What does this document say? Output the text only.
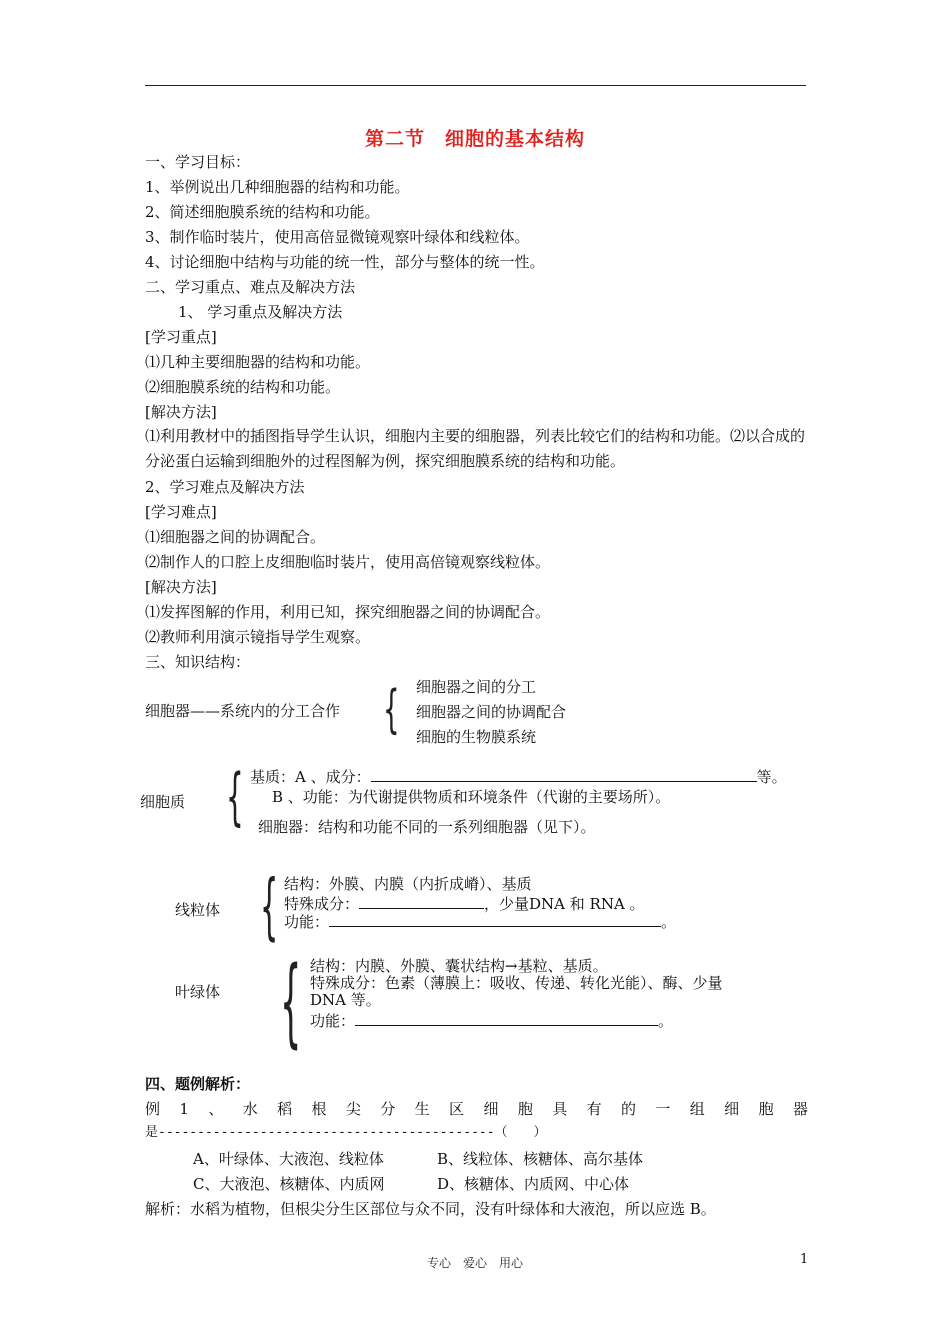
第二节　细胞的基本结构
一、学习目标：
1、举例说出几种细胞器的结构和功能。
2、简述细胞膜系统的结构和功能。
3、制作临时装片，使用高倍显微镜观察叶绿体和线粒体。
4、讨论细胞中结构与功能的统一性，部分与整体的统一性。
二、学习重点、难点及解决方法
1、 学习重点及解决方法
[学习重点]
⑴几种主要细胞器的结构和功能。
⑵细胞膜系统的结构和功能。
[解决方法]
⑴利用教材中的插图指导学生认识，细胞内主要的细胞器，列表比较它们的结构和功能。⑵以合成的分泌蛋白运输到细胞外的过程图解为例，探究细胞膜系统的结构和功能。
2、学习难点及解决方法
[学习难点]
⑴细胞器之间的协调配合。
⑵制作人的口腔上皮细胞临时装片，使用高倍镜观察线粒体。
[解决方法]
⑴发挥图解的作用，利用已知，探究细胞器之间的协调配合。
⑵教师利用演示镜指导学生观察。
三、知识结构：
细胞器——系统内的分工合作 { 细胞器之间的分工
细胞器之间的协调配合
细胞的生物膜系统
细胞质 { 基质：A 、成分：	等。
B 、功能：为代谢提供物质和环境条件（代谢的主要场所）。
细胞器：结构和功能不同的一系列细胞器（见下）。
线粒体 { 结构：外膜、内膜（内折成嵴）、基质
特殊成分：	，少量DNA 和 RNA 。
功能：	。
叶绿体 { 结构：内膜、外膜、囊状结构→基粒、基质。
特殊成分：色素（薄膜上：吸收、传递、转化光能）、酶、少量DNA 等。
功能：	。
四、题例解析：
例 1 、 水 稻 根 尖 分 生 区 细 胞 具 有 的 一 组 细 胞 器
是-------------------------------------------（　　）
A、叶绿体、大液泡、线粒体	B、线粒体、核糖体、高尔基体
C、大液泡、核糖体、内质网	D、核糖体、内质网、中心体
解析：水稻为植物，但根尖分生区部位与众不同，没有叶绿体和大液泡，所以应选 B。
专心　爱心　用心	1
